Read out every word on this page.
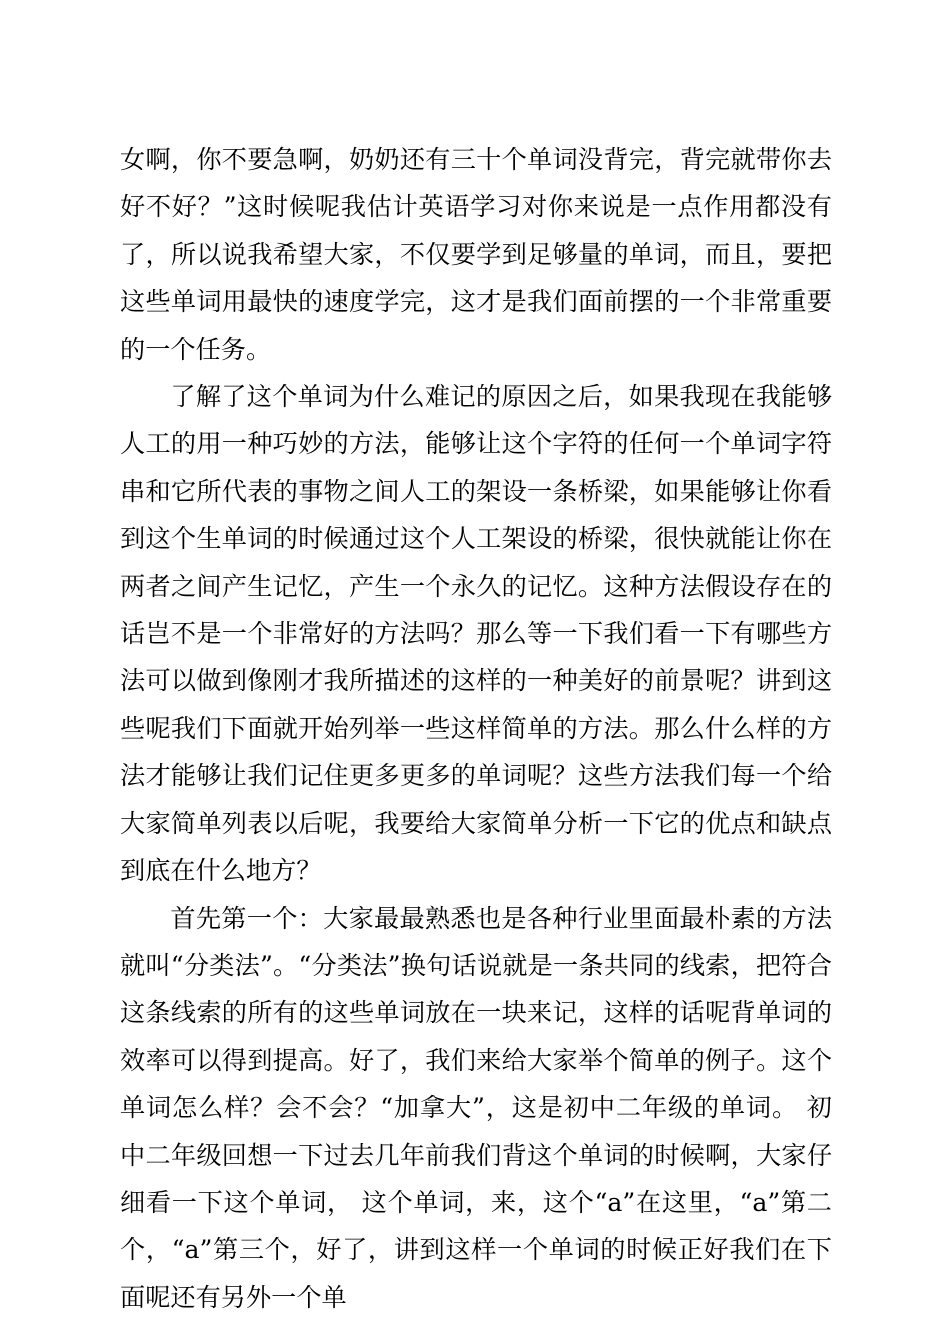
女啊，你不要急啊，奶奶还有三十个单词没背完，背完就带你去好不好？”这时候呢我估计英语学习对你来说是一点作用都没有了，所以说我希望大家，不仅要学到足够量的单词，而且，要把这些单词用最快的速度学完，这才是我们面前摆的一个非常重要的一个任务。

了解了这个单词为什么难记的原因之后，如果我现在我能够人工的用一种巧妙的方法，能够让这个字符的任何一个单词字符串和它所代表的事物之间人工的架设一条桥梁，如果能够让你看到这个生单词的时候通过这个人工架设的桥梁，很快就能让你在两者之间产生记忆，产生一个永久的记忆。这种方法假设存在的话岂不是一个非常好的方法吗？那么等一下我们看一下有哪些方法可以做到像刚才我所描述的这样的一种美好的前景呢？讲到这些呢我们下面就开始列举一些这样简单的方法。那么什么样的方法才能够让我们记住更多更多的单词呢？这些方法我们每一个给大家简单列表以后呢，我要给大家简单分析一下它的优点和缺点到底在什么地方？

首先第一个：大家最最熟悉也是各种行业里面最朴素的方法就叫“分类法”。“分类法”换句话说就是一条共同的线索，把符合这条线索的所有的这些单词放在一块来记，这样的话呢背单词的效率可以得到提高。好了，我们来给大家举个简单的例子。这个单词怎么样？会不会？“加拿大”，这是初中二年级的单词。 初中二年级回想一下过去几年前我们背这个单词的时候啊，大家仔细看一下这个单词， 这个单词，来，这个“a”在这里，“a”第二个，“a”第三个，好了，讲到这样一个单词的时候正好我们在下面呢还有另外一个单
